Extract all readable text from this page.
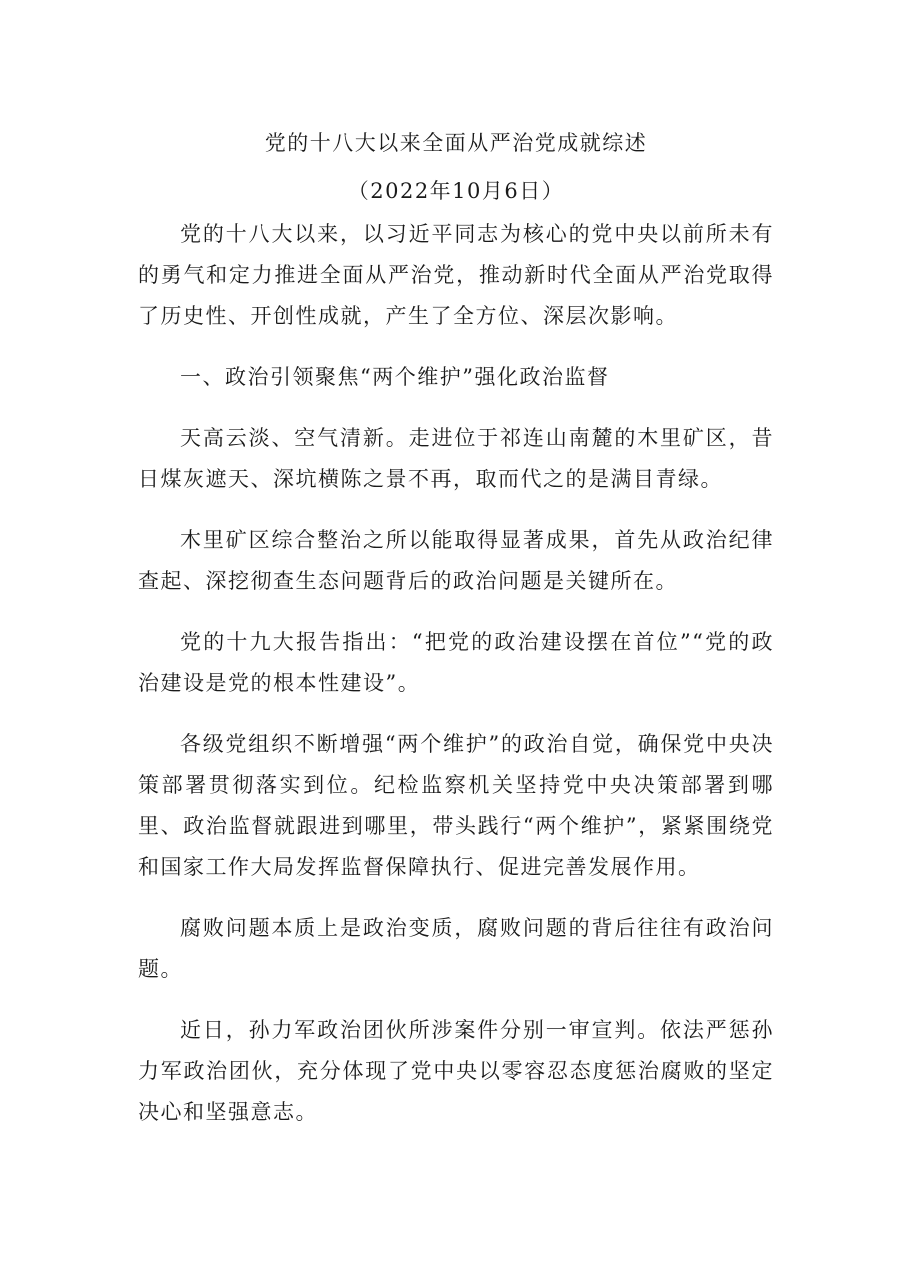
党的十八大以来全面从严治党成就综述
（2022年10月6日）

党的十八大以来，以习近平同志为核心的党中央以前所未有的勇气和定力推进全面从严治党，推动新时代全面从严治党取得了历史性、开创性成就，产生了全方位、深层次影响。

一、政治引领聚焦“两个维护”强化政治监督

天高云淡、空气清新。走进位于祁连山南麓的木里矿区，昔日煤灰遮天、深坑横陈之景不再，取而代之的是满目青绿。

木里矿区综合整治之所以能取得显著成果，首先从政治纪律查起、深挖彻查生态问题背后的政治问题是关键所在。

党的十九大报告指出：“把党的政治建设摆在首位”“党的政治建设是党的根本性建设”。

各级党组织不断增强“两个维护”的政治自觉，确保党中央决策部署贯彻落实到位。纪检监察机关坚持党中央决策部署到哪里、政治监督就跟进到哪里，带头践行“两个维护”，紧紧围绕党和国家工作大局发挥监督保障执行、促进完善发展作用。

腐败问题本质上是政治变质，腐败问题的背后往往有政治问题。

近日，孙力军政治团伙所涉案件分别一审宣判。依法严惩孙力军政治团伙，充分体现了党中央以零容忍态度惩治腐败的坚定决心和坚强意志。
